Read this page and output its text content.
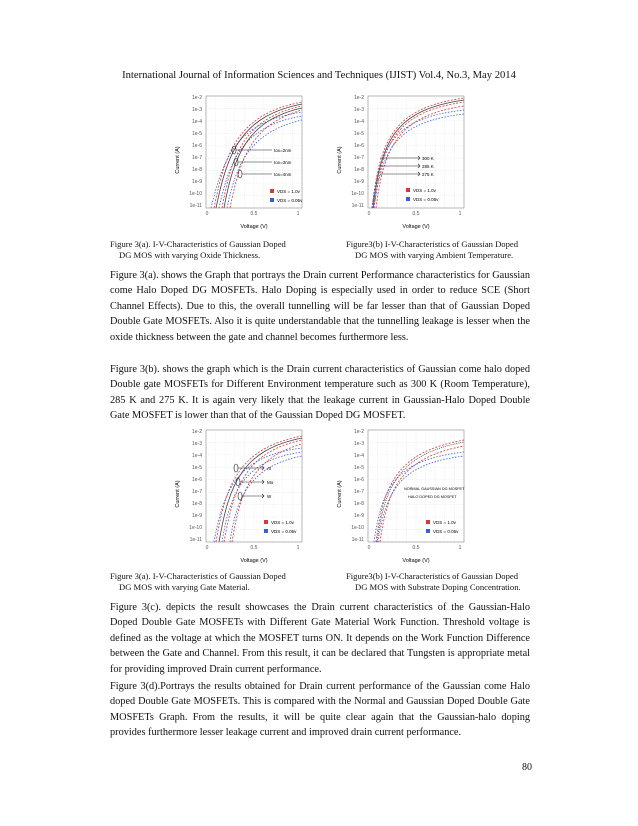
International Journal of Information Sciences and Techniques (IJIST) Vol.4, No.3, May 2014
Current (A)
Voltage (V)
1e-2
1e-3
1e-4
1e-5
1e-6
1e-7
1e-8
1e-9
1e-10
1e-11
0	0.5	1
tox=2nm
tox=3nm
tox=4nm
VDS = 1.0v
VDS = 0.05v
Current (A)
Voltage (V)
1e-2
1e-3
1e-4
1e-5
1e-6
1e-7
1e-8
1e-9
1e-10
1e-11
0	0.5	1
300 K
285 K
275 K
VDS = 1.0v
VDS = 0.05v
Figure 3(a). I-V-Characteristics of Gaussian Doped
DG MOS with varying Oxide Thickness.
Figure3(b) I-V-Characteristics of Gaussian Doped
DG MOS with varying Ambient Temperature.

Figure 3(a). shows the Graph that portrays the Drain current Performance characteristics for Gaussian come Halo Doped DG MOSFETs. Halo Doping is especially used in order to reduce SCE (Short Channel Effects). Due to this, the overall tunnelling will be far lesser than that of Gaussian Doped Double Gate MOSFETs. Also it is quite understandable that the tunnelling leakage is lesser when the oxide thickness between the gate and channel becomes furthermore less.

Figure 3(b). shows the graph which is the Drain current characteristics of Gaussian come halo doped Double gate MOSFETs for Different Environment temperature such as 300 K (Room Temperature), 285 K and 275 K. It is again very likely that the leakage current in Gaussian-Halo Doped Double Gate MOSFET is lower than that of the Gaussian Doped DG MOSFET.

Current (A)
Voltage (V)
1e-2
1e-3
1e-4
1e-5
1e-6
1e-7
1e-8
1e-9
1e-10
1e-11
0	0.5	1
Al
Mo
W
VDS = 1.0v
VDS = 0.05v
Current (A)
Voltage (V)
1e-2
1e-3
1e-4
1e-5
1e-6
1e-7
1e-8
1e-9
1e-10
1e-11
0	0.5	1
NORMAL GAUSSIAN DG MOSFET
HALO DOPED DG MOSFET
VDS = 1.0v
VDS = 0.05v
Figure 3(a). I-V-Characteristics of Gaussian Doped
DG MOS with varying Gate Material.
Figure3(b) I-V-Characteristics of Gaussian Doped
DG MOS with Substrate Doping Concentration.

Figure 3(c). depicts the result showcases the Drain current characteristics of the Gaussian-Halo Doped Double Gate MOSFETs with Different Gate Material Work Function. Threshold voltage is defined as the voltage at which the MOSFET turns ON. It depends on the Work Function Difference between the Gate and Channel. From this result, it can be declared that Tungsten is appropriate metal for providing improved Drain current performance.

Figure 3(d).Portrays the results obtained for Drain current performance of the Gaussian come Halo doped Double Gate MOSFETs. This is compared with the Normal and Gaussian Doped Double Gate MOSFETs Graph. From the results, it will be quite clear again that the Gaussian-halo doping provides furthermore lesser leakage current and improved drain current performance.

80
